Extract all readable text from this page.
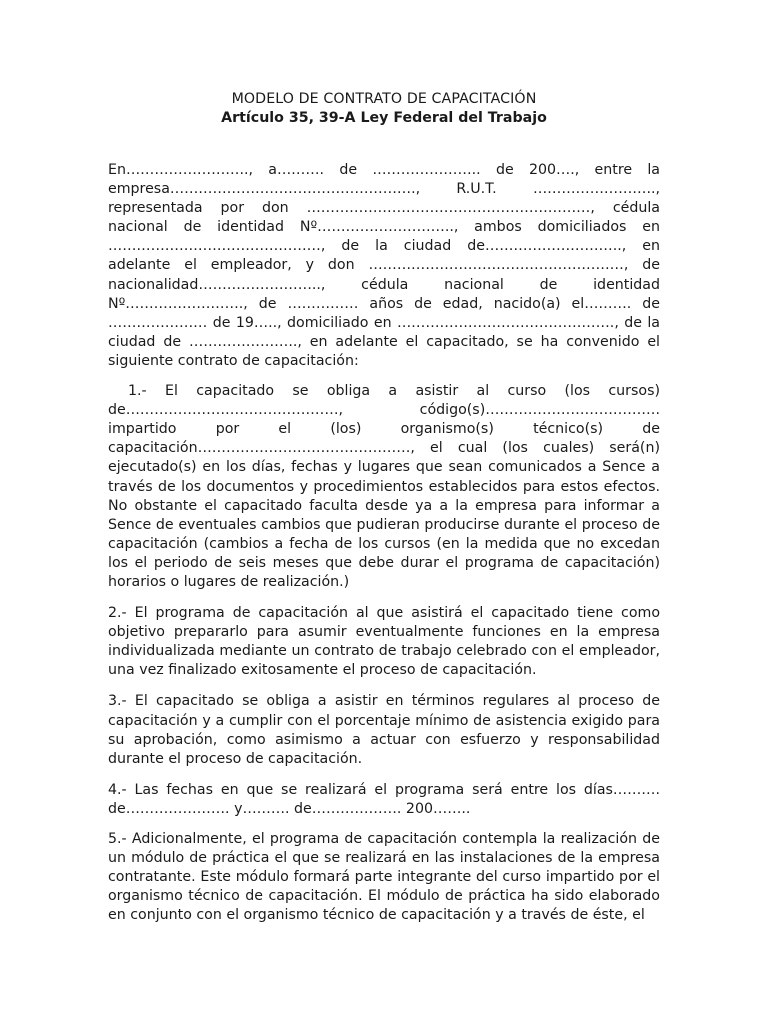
MODELO DE CONTRATO DE CAPACITACIÓN

Artículo 35, 39-A Ley Federal del Trabajo

En…………………….., a………. de ………………….. de 200…., entre la empresa……………………………………………., R.U.T. …………………….., representada por don ……………………………………………………, cédula nacional de identidad Nº……………………….., ambos domiciliados en ………………………………………, de la ciudad de……………………….., en adelante el empleador, y don ………………………………………………, de nacionalidad…………………….., cédula nacional de identidad Nº……………………., de …………… años de edad, nacido(a) el………. de ………………… de 19….., domiciliado en ………………………………………., de la ciudad de ………………….., en adelante el capacitado, se ha convenido el siguiente contrato de capacitación:

1.- El capacitado se obliga a asistir al curso (los cursos) de………………………………………, código(s)………………………………. impartido por el (los) organismo(s) técnico(s) de capacitación………………………………………, el cual (los cuales) será(n) ejecutado(s) en los días, fechas y lugares que sean comunicados a Sence a través de los documentos y procedimientos establecidos para estos efectos. No obstante el capacitado faculta desde ya a la empresa para informar a Sence de eventuales cambios que pudieran producirse durante el proceso de capacitación (cambios a fecha de los cursos (en la medida que no excedan los el periodo de seis meses que debe durar el programa de capacitación) horarios o lugares de realización.)

2.- El programa de capacitación al que asistirá el capacitado tiene como objetivo prepararlo para asumir eventualmente funciones en la empresa individualizada mediante un contrato de trabajo celebrado con el empleador, una vez finalizado exitosamente el proceso de capacitación.

3.- El capacitado se obliga a asistir en términos regulares al proceso de capacitación y a cumplir con el porcentaje mínimo de asistencia exigido para su aprobación, como asimismo a actuar con esfuerzo y responsabilidad durante el proceso de capacitación.

4.- Las fechas en que se realizará el programa será entre los días………. de…………………. y………. de………………. 200……..

5.- Adicionalmente, el programa de capacitación contempla la realización de un módulo de práctica el que se realizará en las instalaciones de la empresa contratante. Este módulo formará parte integrante del curso impartido por el organismo técnico de capacitación. El módulo de práctica ha sido elaborado en conjunto con el organismo técnico de capacitación y a través de éste, el
